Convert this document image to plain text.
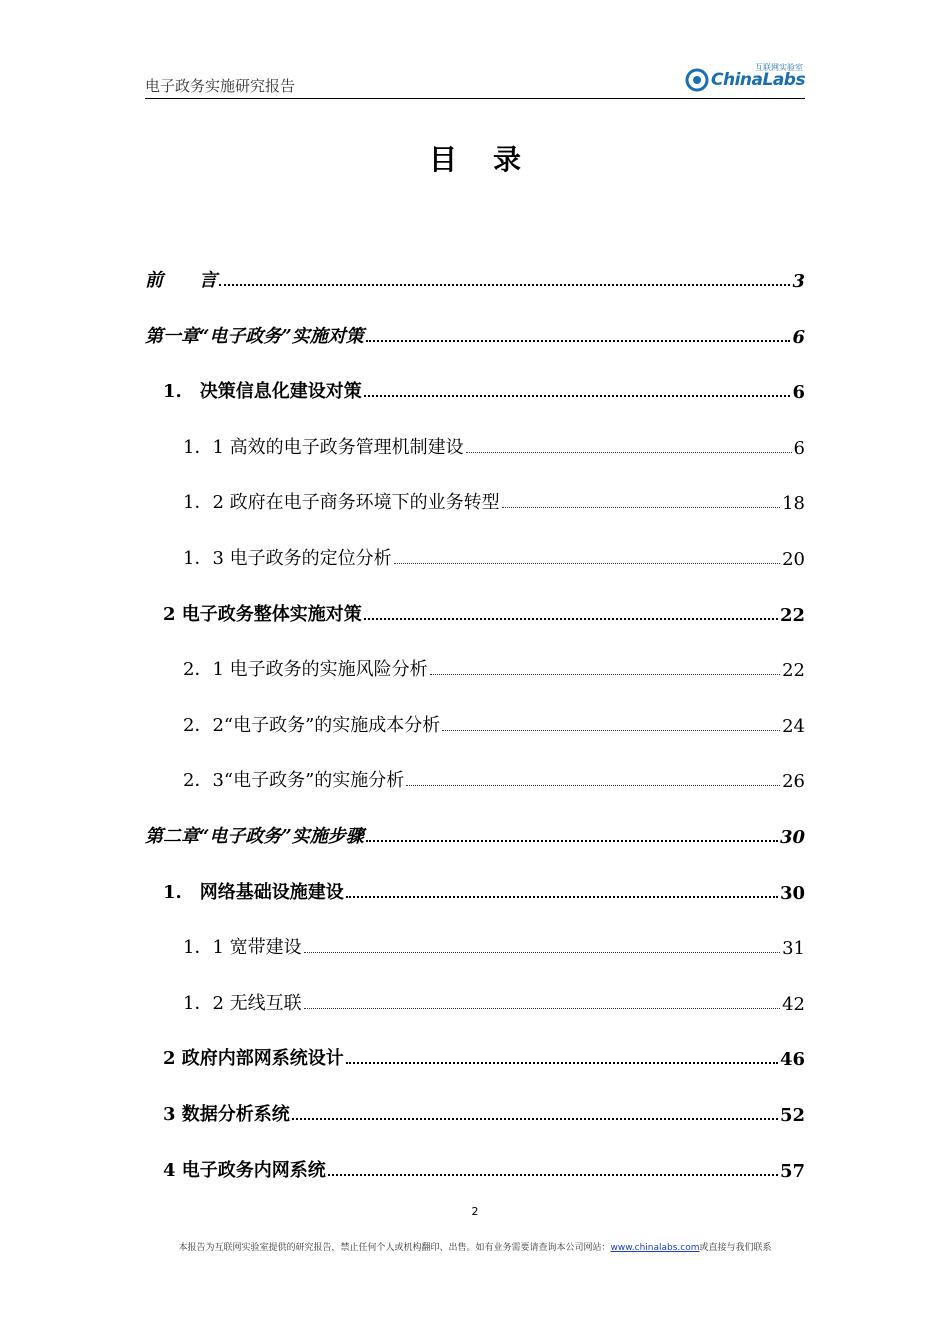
电子政务实施研究报告
互联网实验室
ChinaLabs
目录
前　　言	3
第一章“电子政务”实施对策	6
1.　决策信息化建设对策	6
1．1 高效的电子政务管理机制建设	6
1．2 政府在电子商务环境下的业务转型	18
1．3 电子政务的定位分析	20
2 电子政务整体实施对策	22
2．1 电子政务的实施风险分析	22
2．2“电子政务”的实施成本分析	24
2．3“电子政务”的实施分析	26
第二章“电子政务”实施步骤	30
1.　网络基础设施建设	30
1．1 宽带建设	31
1．2 无线互联	42
2 政府内部网系统设计	46
3 数据分析系统	52
4 电子政务内网系统	57
2
本报告为互联网实验室提供的研究报告，禁止任何个人或机构翻印、出售。如有业务需要请查询本公司网站：www.chinalabs.com或直接与我们联系
